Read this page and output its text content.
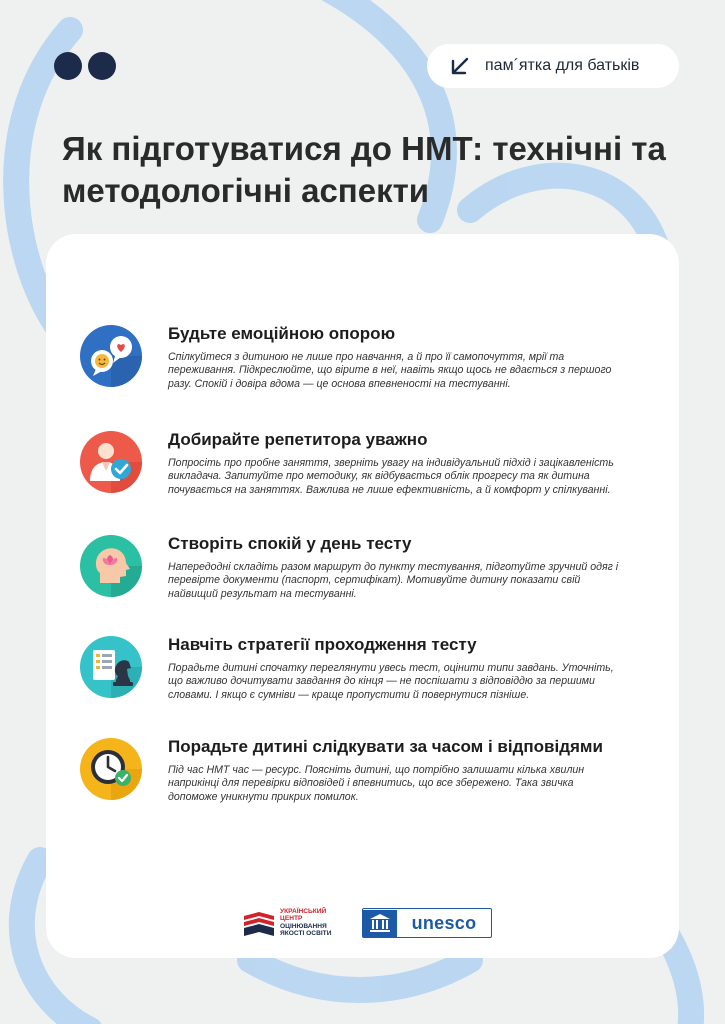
пам´ятка для батьків
Як підготуватися до НМТ: технічні та методологічні аспекти

Будьте емоційною опорою

Спілкуйтеся з дитиною не лише про навчання, а й про її самопочуття, мрії та переживання. Підкреслюйте, що вірите в неї, навіть якщо щось не вдається з першого разу. Спокій і довіра вдома — це основа впевненості на тестуванні.

Добирайте репетитора уважно

Попросіть про пробне заняття, зверніть увагу на індивідуальний підхід і зацікавленість викладача. Запитуйте про методику, як відбувається облік прогресу та як дитина почувається на заняттях. Важлива не лише ефективність, а й комфорт у спілкуванні.

Створіть спокій у день тесту

Напередодні складіть разом маршрут до пункту тестування, підготуйте зручний одяг і перевірте документи (паспорт, сертифікат). Мотивуйте дитину показати свій найвищий результат на тестуванні.

Навчіть стратегії проходження тесту

Порадьте дитині спочатку переглянути увесь тест, оцінити типи завдань. Уточніть, що важливо дочитувати завдання до кінця — не поспішати з відповіддю за першими словами. І якщо є сумніви — краще пропустити й повернутися пізніше.

Порадьте дитині слідкувати за часом і відповідями

Під час НМТ час — ресурс. Поясніть дитині, що потрібно залишати кілька хвилин наприкінці для перевірки відповідей і впевнитись, що все збережено. Така звичка допоможе уникнути прикрих помилок.

УКРАЇНСЬКИЙ
ЦЕНТР
ОЦІНЮВАННЯ
ЯКОСТІ ОСВІТИ
unesco
